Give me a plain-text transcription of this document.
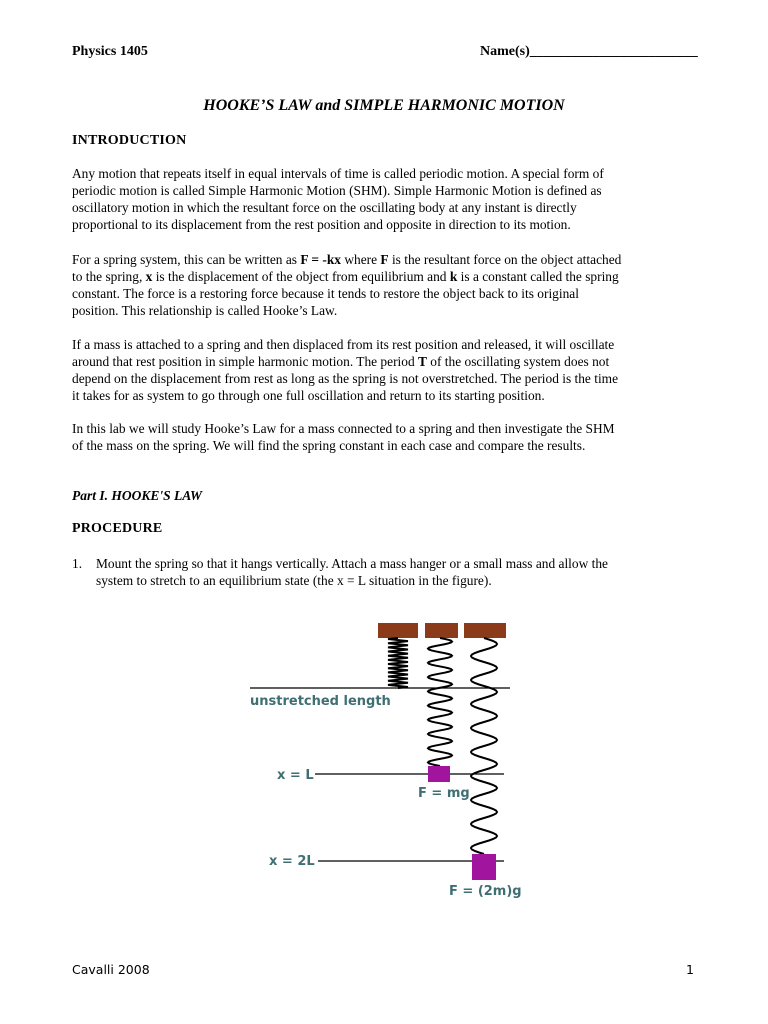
Physics 1405	Name(s)________________________
HOOKE’S LAW and SIMPLE HARMONIC MOTION
INTRODUCTION
Any motion that repeats itself in equal intervals of time is called periodic motion. A special form of
periodic motion is called Simple Harmonic Motion (SHM). Simple Harmonic Motion is defined as
oscillatory motion in which the resultant force on the oscillating body at any instant is directly
proportional to its displacement from the rest position and opposite in direction to its motion.
For a spring system, this can be written as F = -kx where F is the resultant force on the object attached
to the spring, x is the displacement of the object from equilibrium and k is a constant called the spring
constant. The force is a restoring force because it tends to restore the object back to its original
position. This relationship is called Hooke’s Law.
If a mass is attached to a spring and then displaced from its rest position and released, it will oscillate
around that rest position in simple harmonic motion. The period T of the oscillating system does not
depend on the displacement from rest as long as the spring is not overstretched. The period is the time
it takes for as system to go through one full oscillation and return to its starting position.
In this lab we will study Hooke’s Law for a mass connected to a spring and then investigate the SHM
of the mass on the spring. We will find the spring constant in each case and compare the results.
Part I. HOOKE'S LAW
PROCEDURE
1. Mount the spring so that it hangs vertically. Attach a mass hanger or a small mass and allow the
system to stretch to an equilibrium state (the x = L situation in the figure).
unstretched length
x = L
F = mg
x = 2L
F = (2m)g
Cavalli 2008	1
